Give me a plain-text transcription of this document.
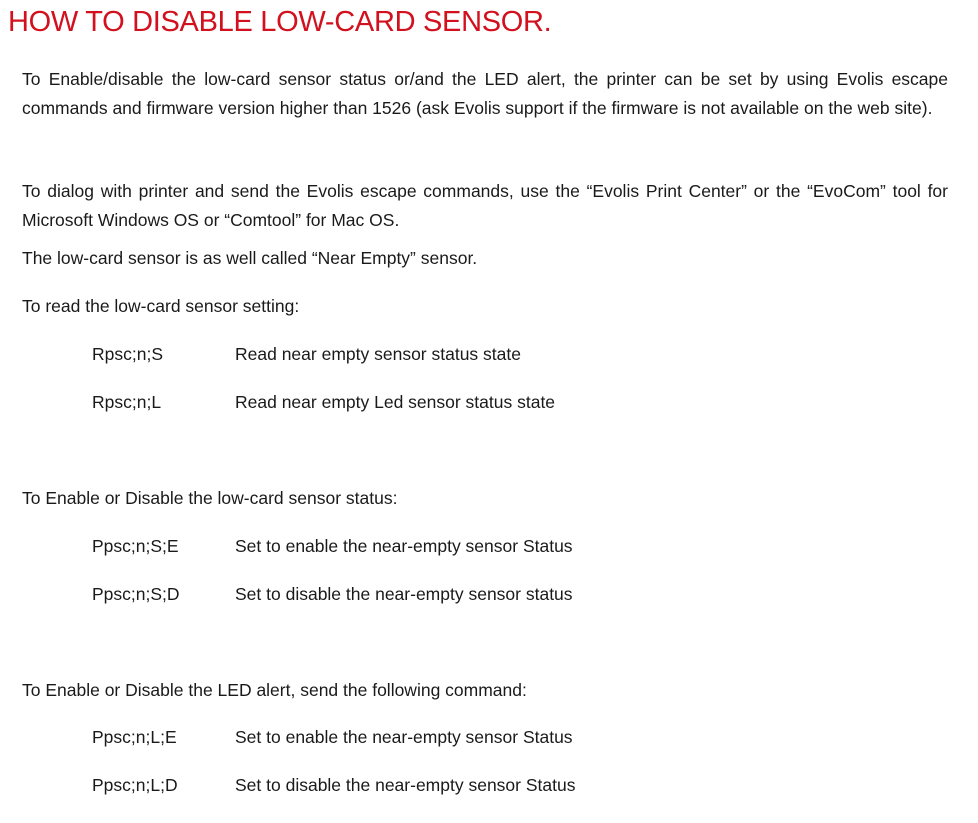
HOW TO DISABLE LOW-CARD SENSOR.

To Enable/disable the low-card sensor status or/and the LED alert, the printer can be set by using Evolis escape commands and firmware version higher than 1526 (ask Evolis support if the firmware is not available on the web site).

To dialog with printer and send the Evolis escape commands, use the “Evolis Print Center” or the “EvoCom” tool for Microsoft Windows OS or “Comtool” for Mac OS.

The low-card sensor is as well called “Near Empty” sensor.

To read the low-card sensor setting:

Rpsc;n;S	Read near empty sensor status state
Rpsc;n;L	Read near empty Led sensor status state

To Enable or Disable the low-card sensor status:

Ppsc;n;S;E	Set to enable the near-empty sensor Status
Ppsc;n;S;D	Set to disable the near-empty sensor status

To Enable or Disable the LED alert, send the following command:

Ppsc;n;L;E	Set to enable the near-empty sensor Status
Ppsc;n;L;D	Set to disable the near-empty sensor Status
